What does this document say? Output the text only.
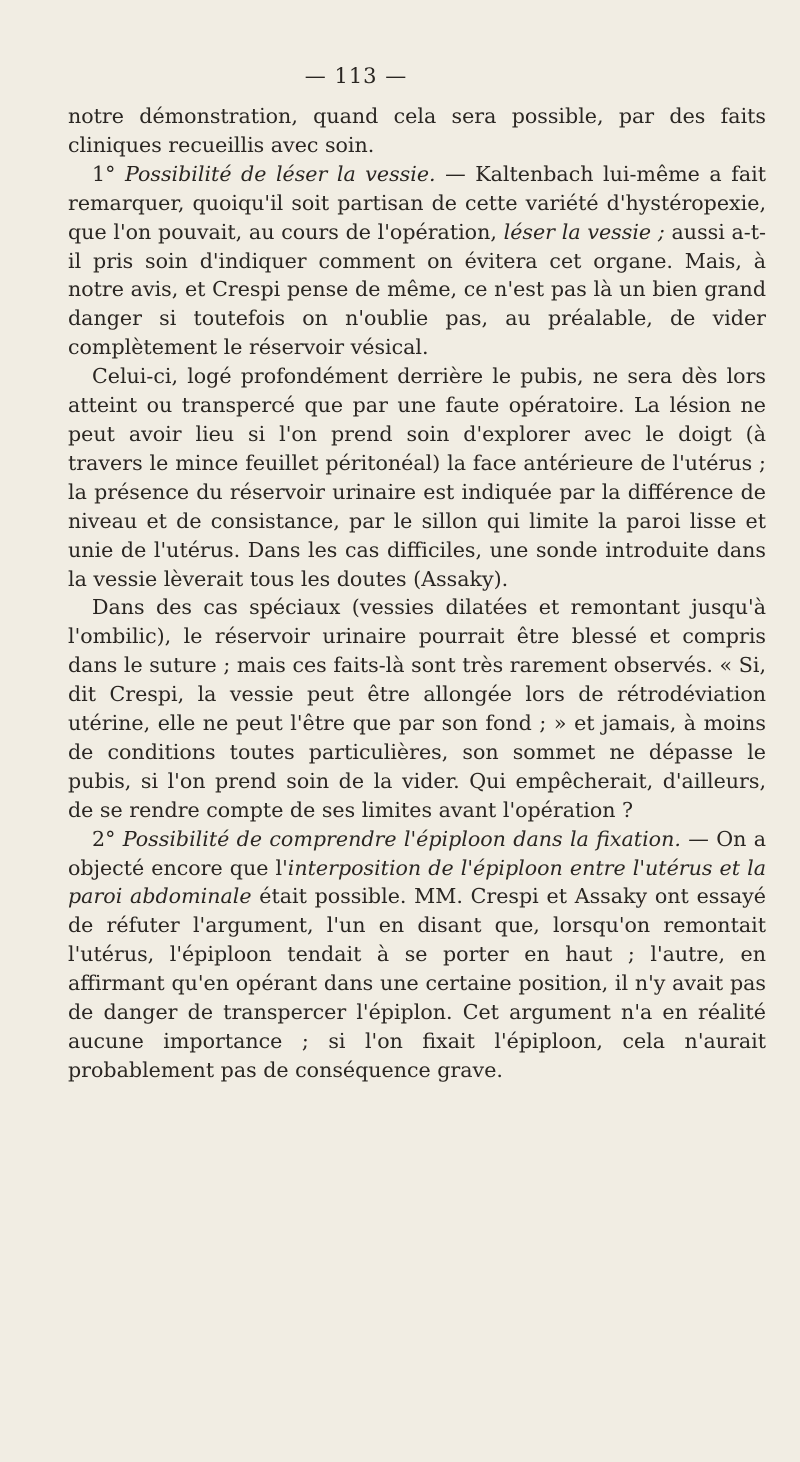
— 113 —

notre démonstration, quand cela sera possible, par des faits cliniques recueillis avec soin.

1° Possibilité de léser la vessie. — Kaltenbach lui-même a fait remarquer, quoiqu'il soit partisan de cette variété d'hystéropexie, que l'on pouvait, au cours de l'opération, léser la vessie ; aussi a-t-il pris soin d'indiquer comment on évitera cet organe. Mais, à notre avis, et Crespi pense de même, ce n'est pas là un bien grand danger si toutefois on n'oublie pas, au préalable, de vider complètement le réservoir vésical.

Celui-ci, logé profondément derrière le pubis, ne sera dès lors atteint ou transpercé que par une faute opératoire. La lésion ne peut avoir lieu si l'on prend soin d'explorer avec le doigt (à travers le mince feuillet péritonéal) la face antérieure de l'utérus ; la présence du réservoir urinaire est indiquée par la différence de niveau et de consistance, par le sillon qui limite la paroi lisse et unie de l'utérus. Dans les cas difficiles, une sonde introduite dans la vessie lèverait tous les doutes (Assaky).

Dans des cas spéciaux (vessies dilatées et remontant jusqu'à l'ombilic), le réservoir urinaire pourrait être blessé et compris dans le suture ; mais ces faits-là sont très rarement observés. « Si, dit Crespi, la vessie peut être allongée lors de rétrodéviation utérine, elle ne peut l'être que par son fond ; » et jamais, à moins de conditions toutes particulières, son sommet ne dépasse le pubis, si l'on prend soin de la vider. Qui empêcherait, d'ailleurs, de se rendre compte de ses limites avant l'opération ?

2° Possibilité de comprendre l'épiploon dans la fixation. — On a objecté encore que l'interposition de l'épiploon entre l'utérus et la paroi abdominale était possible. MM. Crespi et Assaky ont essayé de réfuter l'argument, l'un en disant que, lorsqu'on remontait l'utérus, l'épiploon tendait à se porter en haut ; l'autre, en affirmant qu'en opérant dans une certaine position, il n'y avait pas de danger de transpercer l'épiplon. Cet argument n'a en réalité aucune importance ; si l'on fixait l'épiploon, cela n'aurait probablement pas de conséquence grave.
